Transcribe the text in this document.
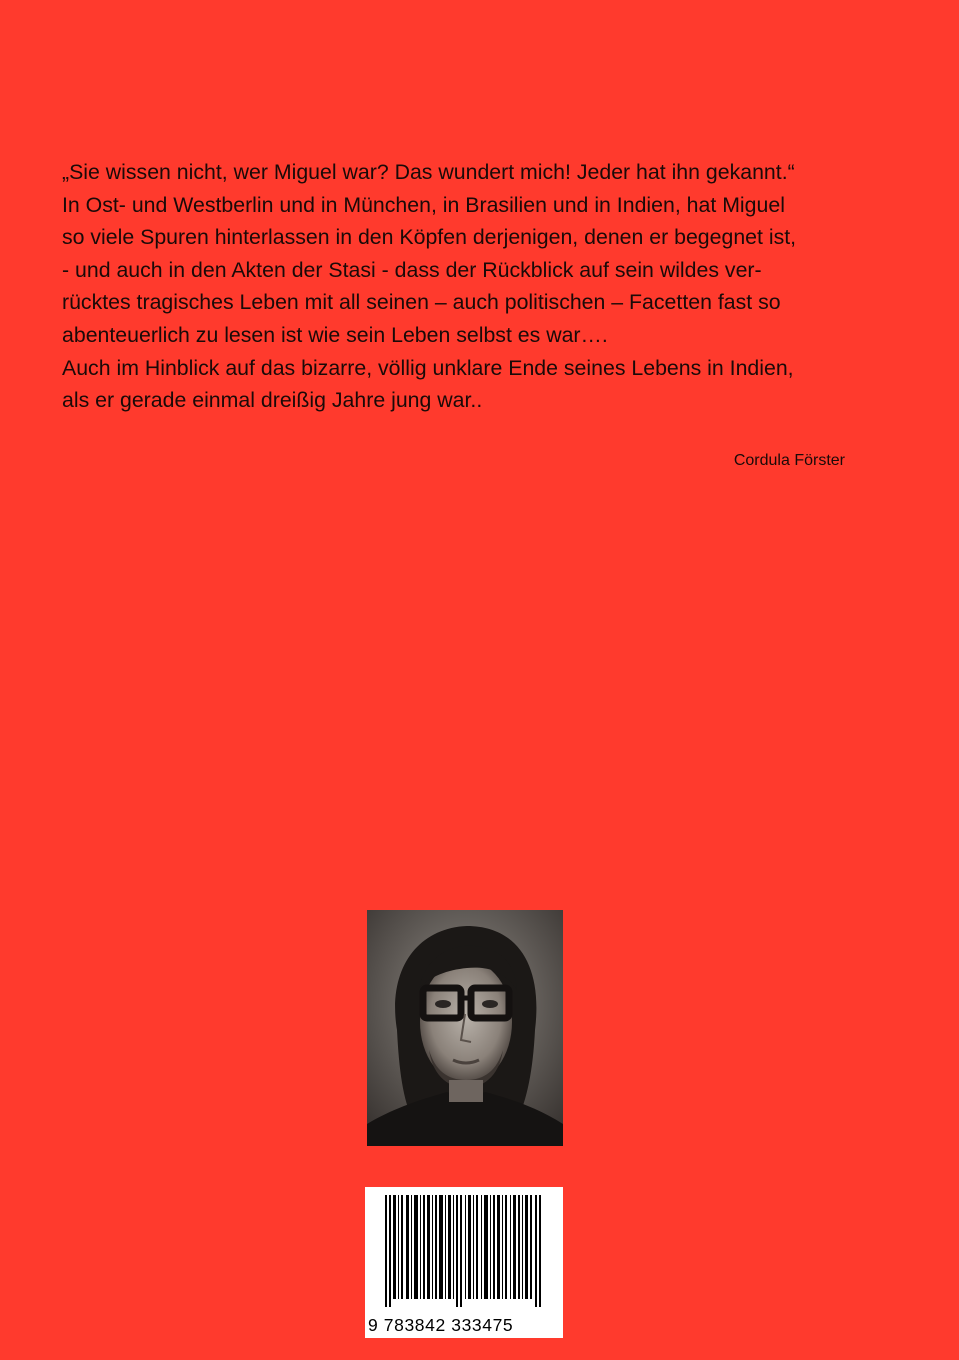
„Sie wissen nicht, wer Miguel war? Das wundert mich! Jeder hat ihn gekannt.“
In Ost- und Westberlin und in München, in Brasilien und in Indien, hat Miguel
so viele Spuren hinterlassen in den Köpfen derjenigen, denen er begegnet ist,
- und auch in den Akten der Stasi - dass der Rückblick auf sein wildes ver-
rücktes tragisches Leben mit all seinen – auch politischen – Facetten fast so
abenteuerlich zu lesen ist wie sein Leben selbst es war….
Auch im Hinblick auf das bizarre, völlig unklare Ende seines Lebens in Indien,
als er gerade einmal dreißig Jahre jung war..
Cordula Förster
9 783842 333475
